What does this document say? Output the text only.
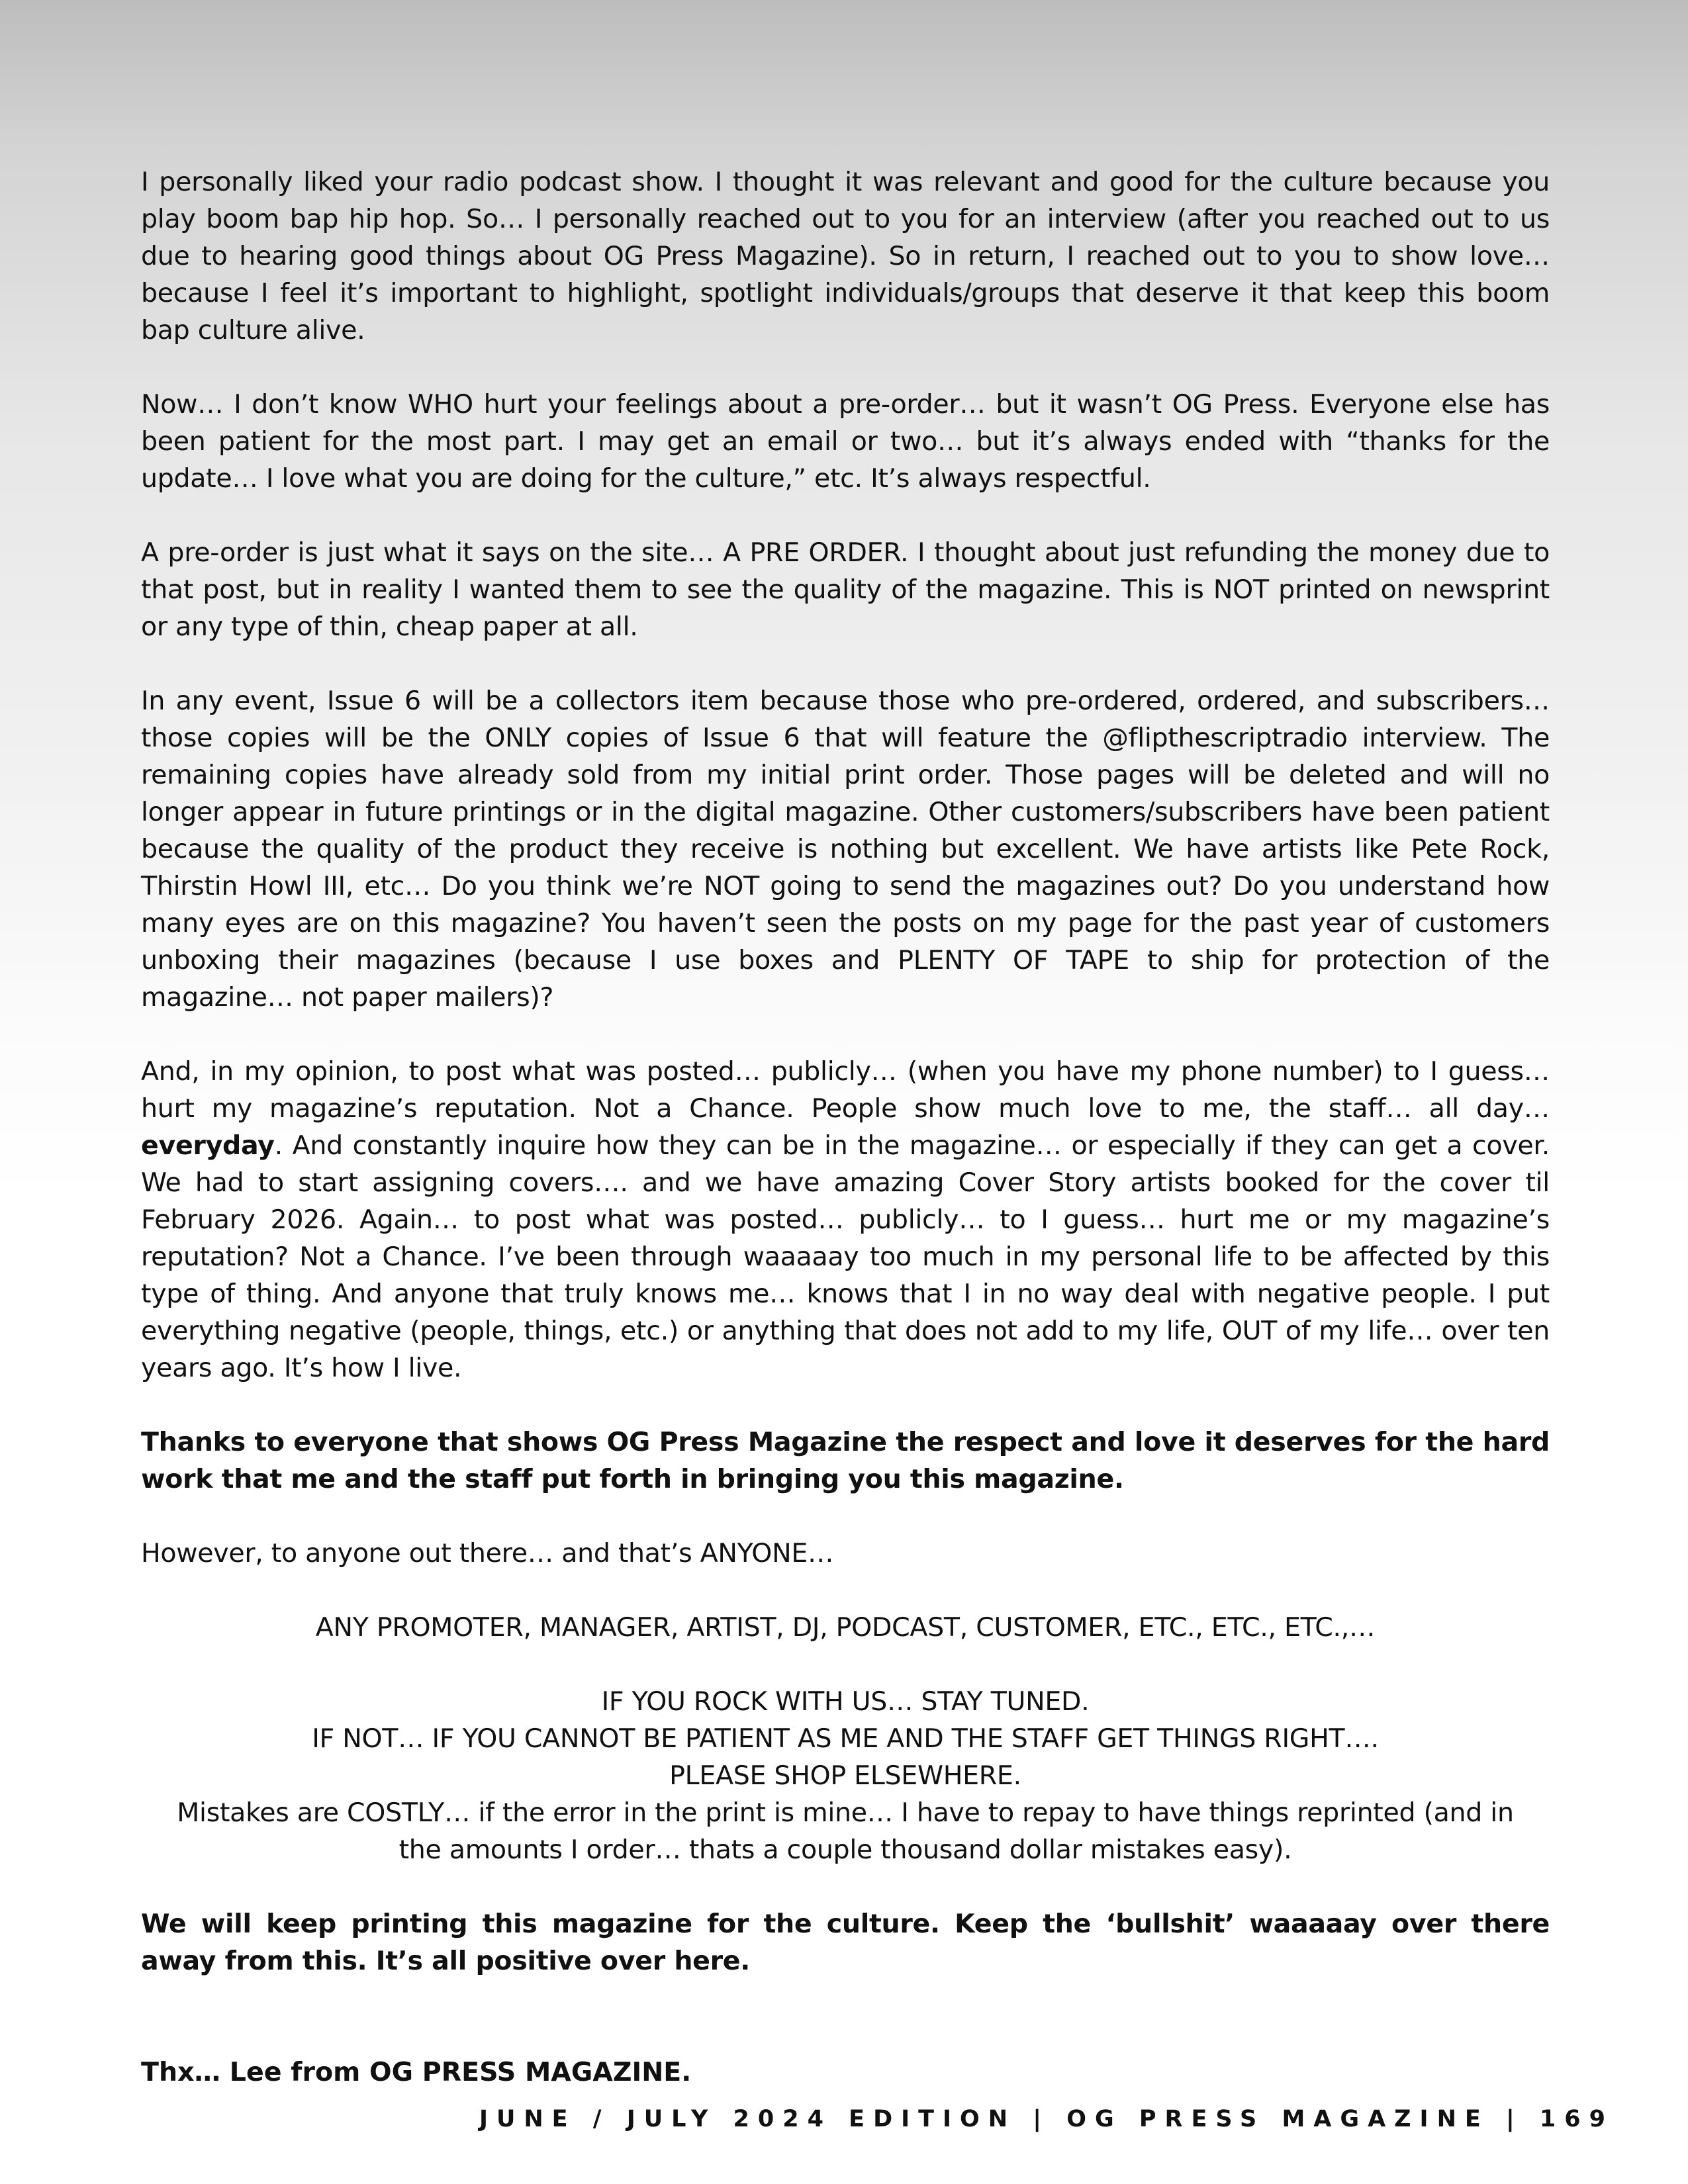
I personally liked your radio podcast show. I thought it was relevant and good for the culture because you play boom bap hip hop. So… I personally reached out to you for an interview (after you reached out to us due to hearing good things about OG Press Magazine). So in return, I reached out to you to show love… because I feel it’s important to highlight, spotlight individuals/groups that deserve it that keep this boom bap culture alive.

Now… I don’t know WHO hurt your feelings about a pre-order… but it wasn’t OG Press. Everyone else has been patient for the most part. I may get an email or two… but it’s always ended with “thanks for the update… I love what you are doing for the culture,” etc. It’s always respectful.

A pre-order is just what it says on the site… A PRE ORDER. I thought about just refunding the money due to that post, but in reality I wanted them to see the quality of the magazine. This is NOT printed on newsprint or any type of thin, cheap paper at all.

In any event, Issue 6 will be a collectors item because those who pre-ordered, ordered, and subscribers… those copies will be the ONLY copies of Issue 6 that will feature the @flipthescriptradio interview. The remaining copies have already sold from my initial print order. Those pages will be deleted and will no longer appear in future printings or in the digital magazine. Other customers/subscribers have been patient because the quality of the product they receive is nothing but excellent. We have artists like Pete Rock, Thirstin Howl III, etc… Do you think we’re NOT going to send the magazines out? Do you understand how many eyes are on this magazine? You haven’t seen the posts on my page for the past year of customers unboxing their magazines (because I use boxes and PLENTY OF TAPE to ship for protection of the magazine… not paper mailers)?

And, in my opinion, to post what was posted… publicly… (when you have my phone number) to I guess… hurt my magazine’s reputation. Not a Chance. People show much love to me, the staff… all day… everyday. And constantly inquire how they can be in the magazine… or especially if they can get a cover. We had to start assigning covers…. and we have amazing Cover Story artists booked for the cover til February 2026. Again… to post what was posted… publicly… to I guess… hurt me or my magazine’s reputation? Not a Chance. I’ve been through waaaaay too much in my personal life to be affected by this type of thing. And anyone that truly knows me… knows that I in no way deal with negative people. I put everything negative (people, things, etc.) or anything that does not add to my life, OUT of my life… over ten years ago. It’s how I live.

Thanks to everyone that shows OG Press Magazine the respect and love it deserves for the hard work that me and the staff put forth in bringing you this magazine.

However, to anyone out there… and that’s ANYONE…

ANY PROMOTER, MANAGER, ARTIST, DJ, PODCAST, CUSTOMER, ETC., ETC., ETC.,…
IF YOU ROCK WITH US… STAY TUNED.
IF NOT… IF YOU CANNOT BE PATIENT AS ME AND THE STAFF GET THINGS RIGHT….
PLEASE SHOP ELSEWHERE.
Mistakes are COSTLY… if the error in the print is mine… I have to repay to have things reprinted (and in the amounts I order… thats a couple thousand dollar mistakes easy).

We will keep printing this magazine for the culture. Keep the ‘bullshit’ waaaaay over there away from this. It’s all positive over here.

Thx… Lee from OG PRESS MAGAZINE.
JUNE / JULY 2024 EDITION | OG PRESS MAGAZINE | 169
